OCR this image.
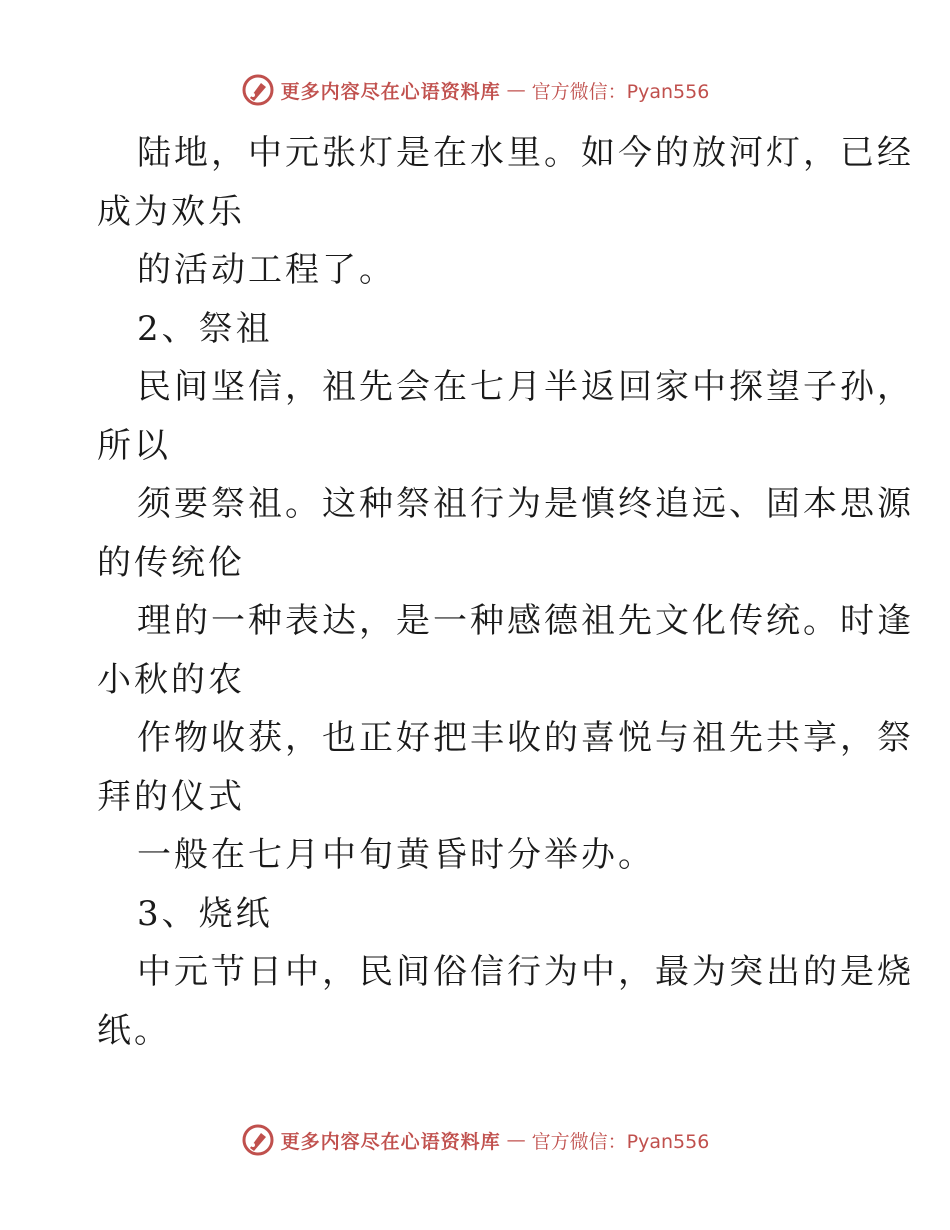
更多内容尽在心语资料库 — 官方微信：Pyan556

陆地，中元张灯是在水里。如今的放河灯，已经

成为欢乐

的活动工程了。

2、祭祖

民间坚信，祖先会在七月半返回家中探望子孙，

所以

须要祭祖。这种祭祖行为是慎终追远、固本思源

的传统伦

理的一种表达，是一种感德祖先文化传统。时逢

小秋的农

作物收获，也正好把丰收的喜悦与祖先共享，祭

拜的仪式

一般在七月中旬黄昏时分举办。

3、烧纸

中元节日中，民间俗信行为中，最为突出的是烧

纸。

更多内容尽在心语资料库 — 官方微信：Pyan556
